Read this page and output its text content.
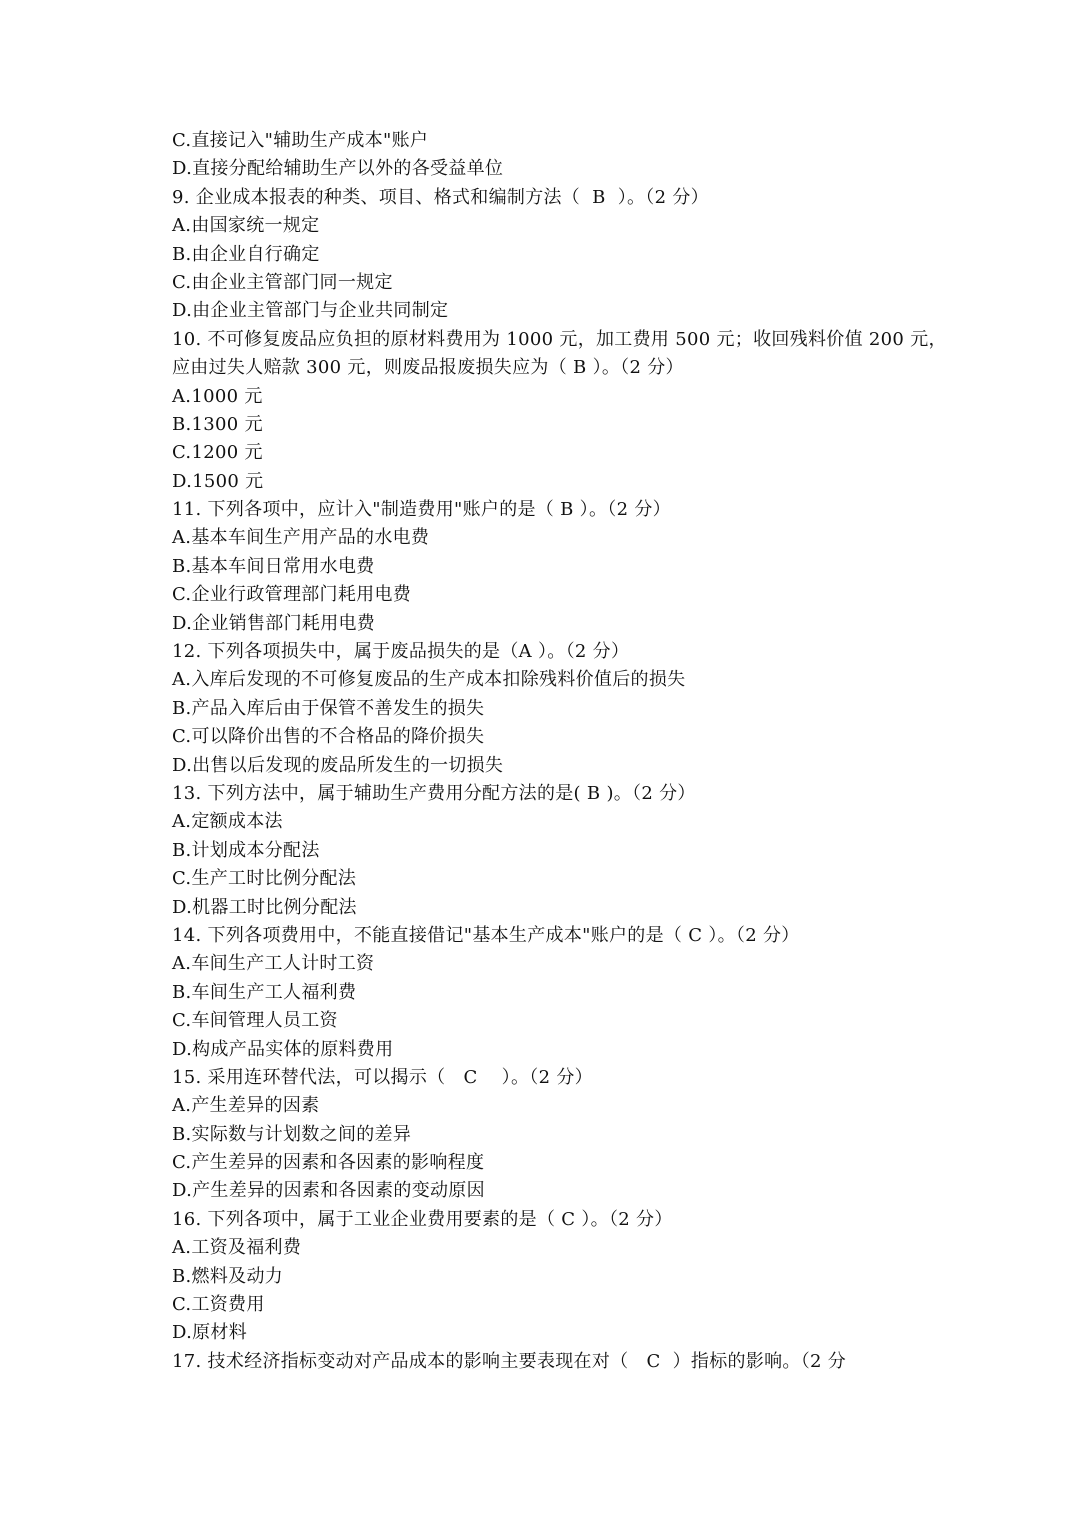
C.直接记入"辅助生产成本"账户
D.直接分配给辅助生产以外的各受益单位
9. 企业成本报表的种类、项目、格式和编制方法（  B  ）。（2 分）
A.由国家统一规定
B.由企业自行确定
C.由企业主管部门同一规定
D.由企业主管部门与企业共同制定
10. 不可修复废品应负担的原材料费用为 1000 元，加工费用 500 元；收回残料价值 200 元，
应由过失人赔款 300 元，则废品报废损失应为（ B ）。（2 分）
A.1000 元
B.1300 元
C.1200 元
D.1500 元
11. 下列各项中，应计入"制造费用"账户的是（ B ）。（2 分）
A.基本车间生产用产品的水电费
B.基本车间日常用水电费
C.企业行政管理部门耗用电费
D.企业销售部门耗用电费
12. 下列各项损失中，属于废品损失的是（A ）。（2 分）
A.入库后发现的不可修复废品的生产成本扣除残料价值后的损失
B.产品入库后由于保管不善发生的损失
C.可以降价出售的不合格品的降价损失
D.出售以后发现的废品所发生的一切损失
13. 下列方法中，属于辅助生产费用分配方法的是( B )。（2 分）
A.定额成本法
B.计划成本分配法
C.生产工时比例分配法
D.机器工时比例分配法
14. 下列各项费用中，不能直接借记"基本生产成本"账户的是（ C ）。（2 分）
A.车间生产工人计时工资
B.车间生产工人福利费
C.车间管理人员工资
D.构成产品实体的原料费用
15. 采用连环替代法，可以揭示（   C    ）。（2 分）
A.产生差异的因素
B.实际数与计划数之间的差异
C.产生差异的因素和各因素的影响程度
D.产生差异的因素和各因素的变动原因
16. 下列各项中，属于工业企业费用要素的是（ C ）。（2 分）
A.工资及福利费
B.燃料及动力
C.工资费用
D.原材料
17. 技术经济指标变动对产品成本的影响主要表现在对（   C  ）指标的影响。（2 分
